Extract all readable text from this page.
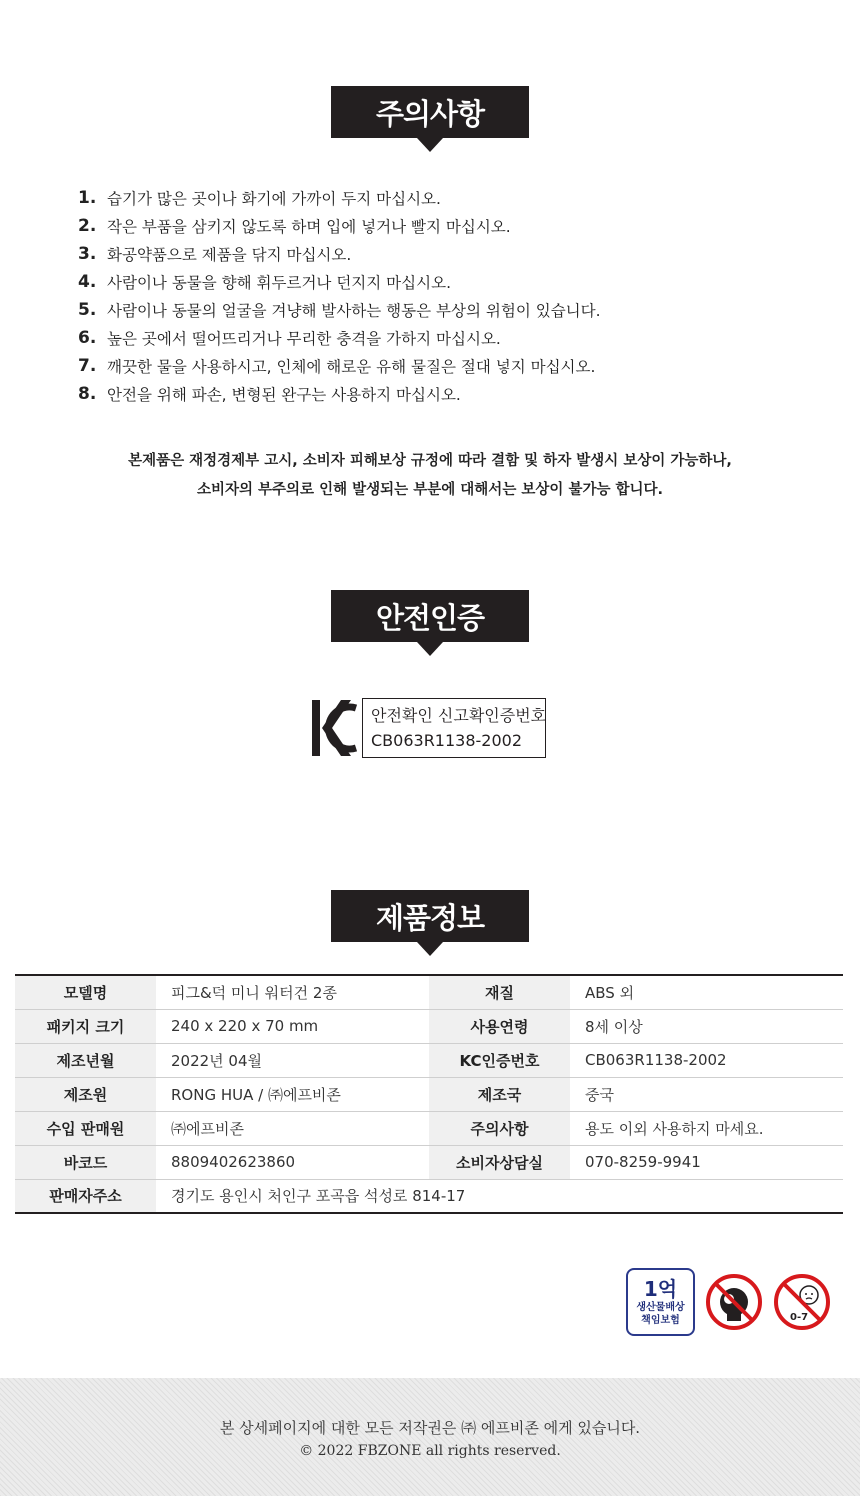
주의사항
1. 습기가 많은 곳이나 화기에 가까이 두지 마십시오.
2. 작은 부품을 삼키지 않도록 하며 입에 넣거나 빨지 마십시오.
3. 화공약품으로 제품을 닦지 마십시오.
4. 사람이나 동물을 향해 휘두르거나 던지지 마십시오.
5. 사람이나 동물의 얼굴을 겨냥해 발사하는 행동은 부상의 위험이 있습니다.
6. 높은 곳에서 떨어뜨리거나 무리한 충격을 가하지 마십시오.
7. 깨끗한 물을 사용하시고, 인체에 해로운 유해 물질은 절대 넣지 마십시오.
8. 안전을 위해 파손, 변형된 완구는 사용하지 마십시오.
본제품은 재정경제부 고시, 소비자 피해보상 규정에 따라 결함 및 하자 발생시 보상이 가능하나,
소비자의 부주의로 인해 발생되는 부분에 대해서는 보상이 불가능 합니다.
안전인증
안전확인 신고확인증번호
CB063R1138-2002
제품정보
모델명	피그&덕 미니 워터건 2종	재질	ABS 외
패키지 크기	240 x 220 x 70 mm	사용연령	8세 이상
제조년월	2022년 04월	KC인증번호	CB063R1138-2002
제조원	RONG HUA / ㈜에프비존	제조국	중국
수입 판매원	㈜에프비존	주의사항	용도 이외 사용하지 마세요.
바코드	8809402623860	소비자상담실	070-8259-9941
판매자주소	경기도 용인시 처인구 포곡읍 석성로 814-17		
1억
생산물배상
책임보험	0-7
본 상세페이지에 대한 모든 저작권은 ㈜ 에프비존 에게 있습니다.
© 2022 FBZONE all rights reserved.
